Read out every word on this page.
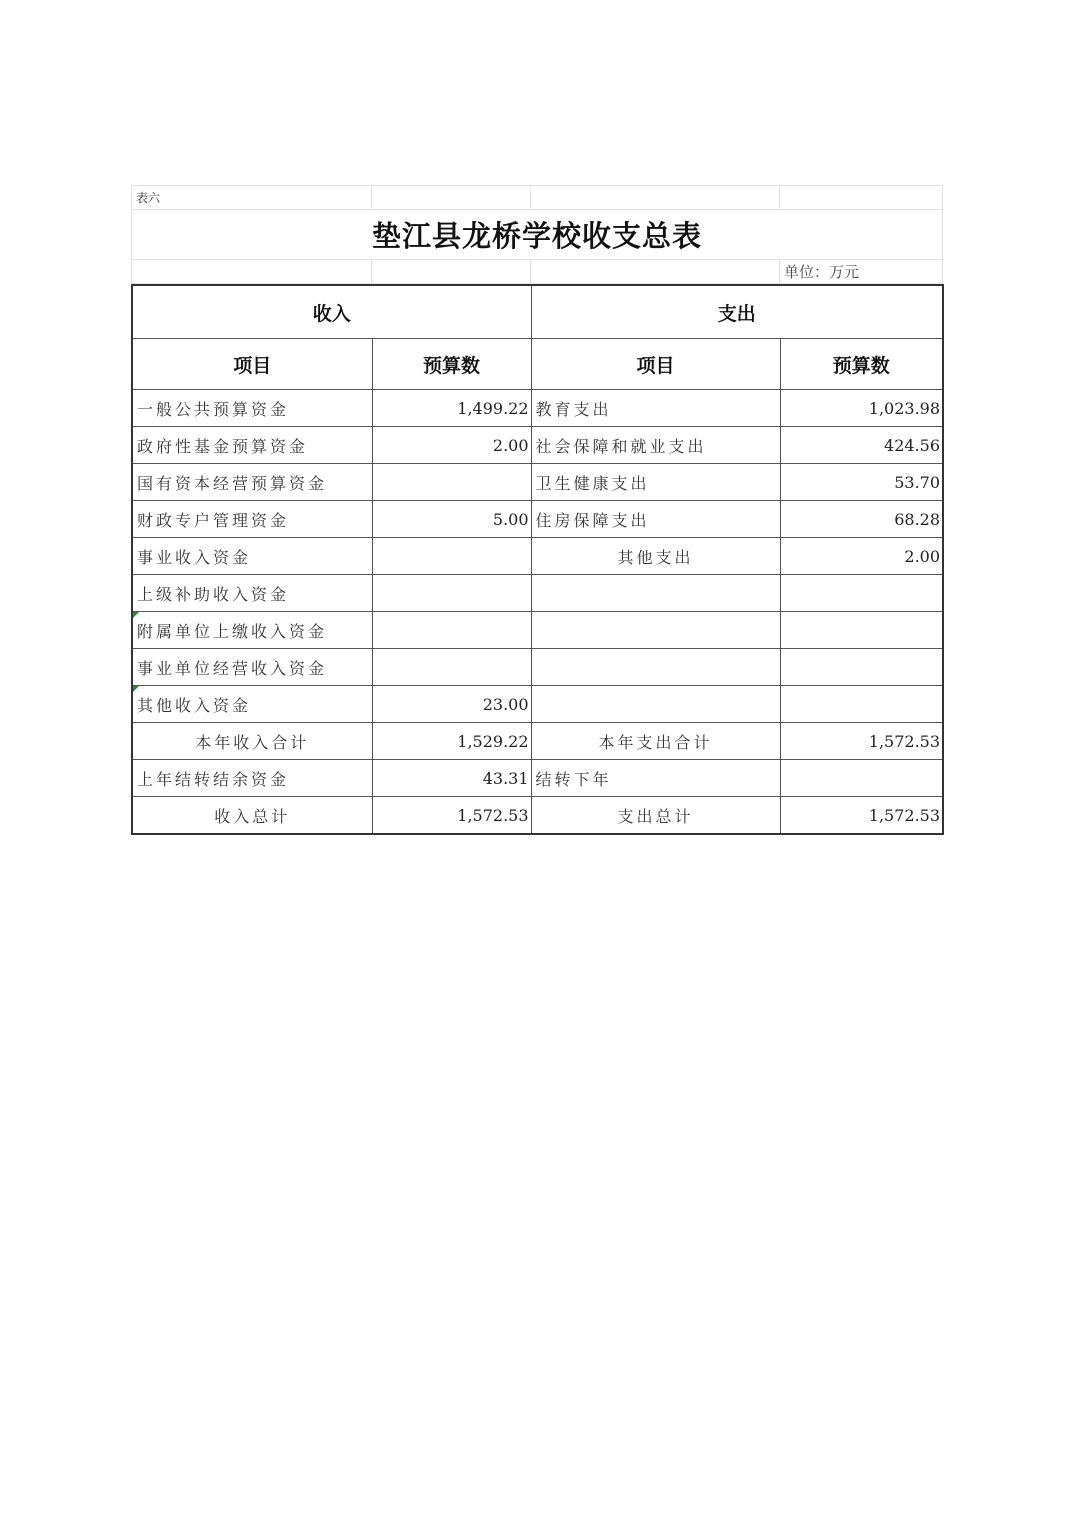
表六			
垫江县龙桥学校收支总表			
			单位：万元
收入		支出	
项目	预算数	项目	预算数
一般公共预算资金	1,499.22	教育支出	1,023.98
政府性基金预算资金	2.00	社会保障和就业支出	424.56
国有资本经营预算资金		卫生健康支出	53.70
财政专户管理资金	5.00	住房保障支出	68.28
事业收入资金		其他支出	2.00
上级补助收入资金			
附属单位上缴收入资金			
事业单位经营收入资金			
其他收入资金	23.00		
本年收入合计	1,529.22	本年支出合计	1,572.53
上年结转结余资金	43.31	结转下年	
收入总计	1,572.53	支出总计	1,572.53
